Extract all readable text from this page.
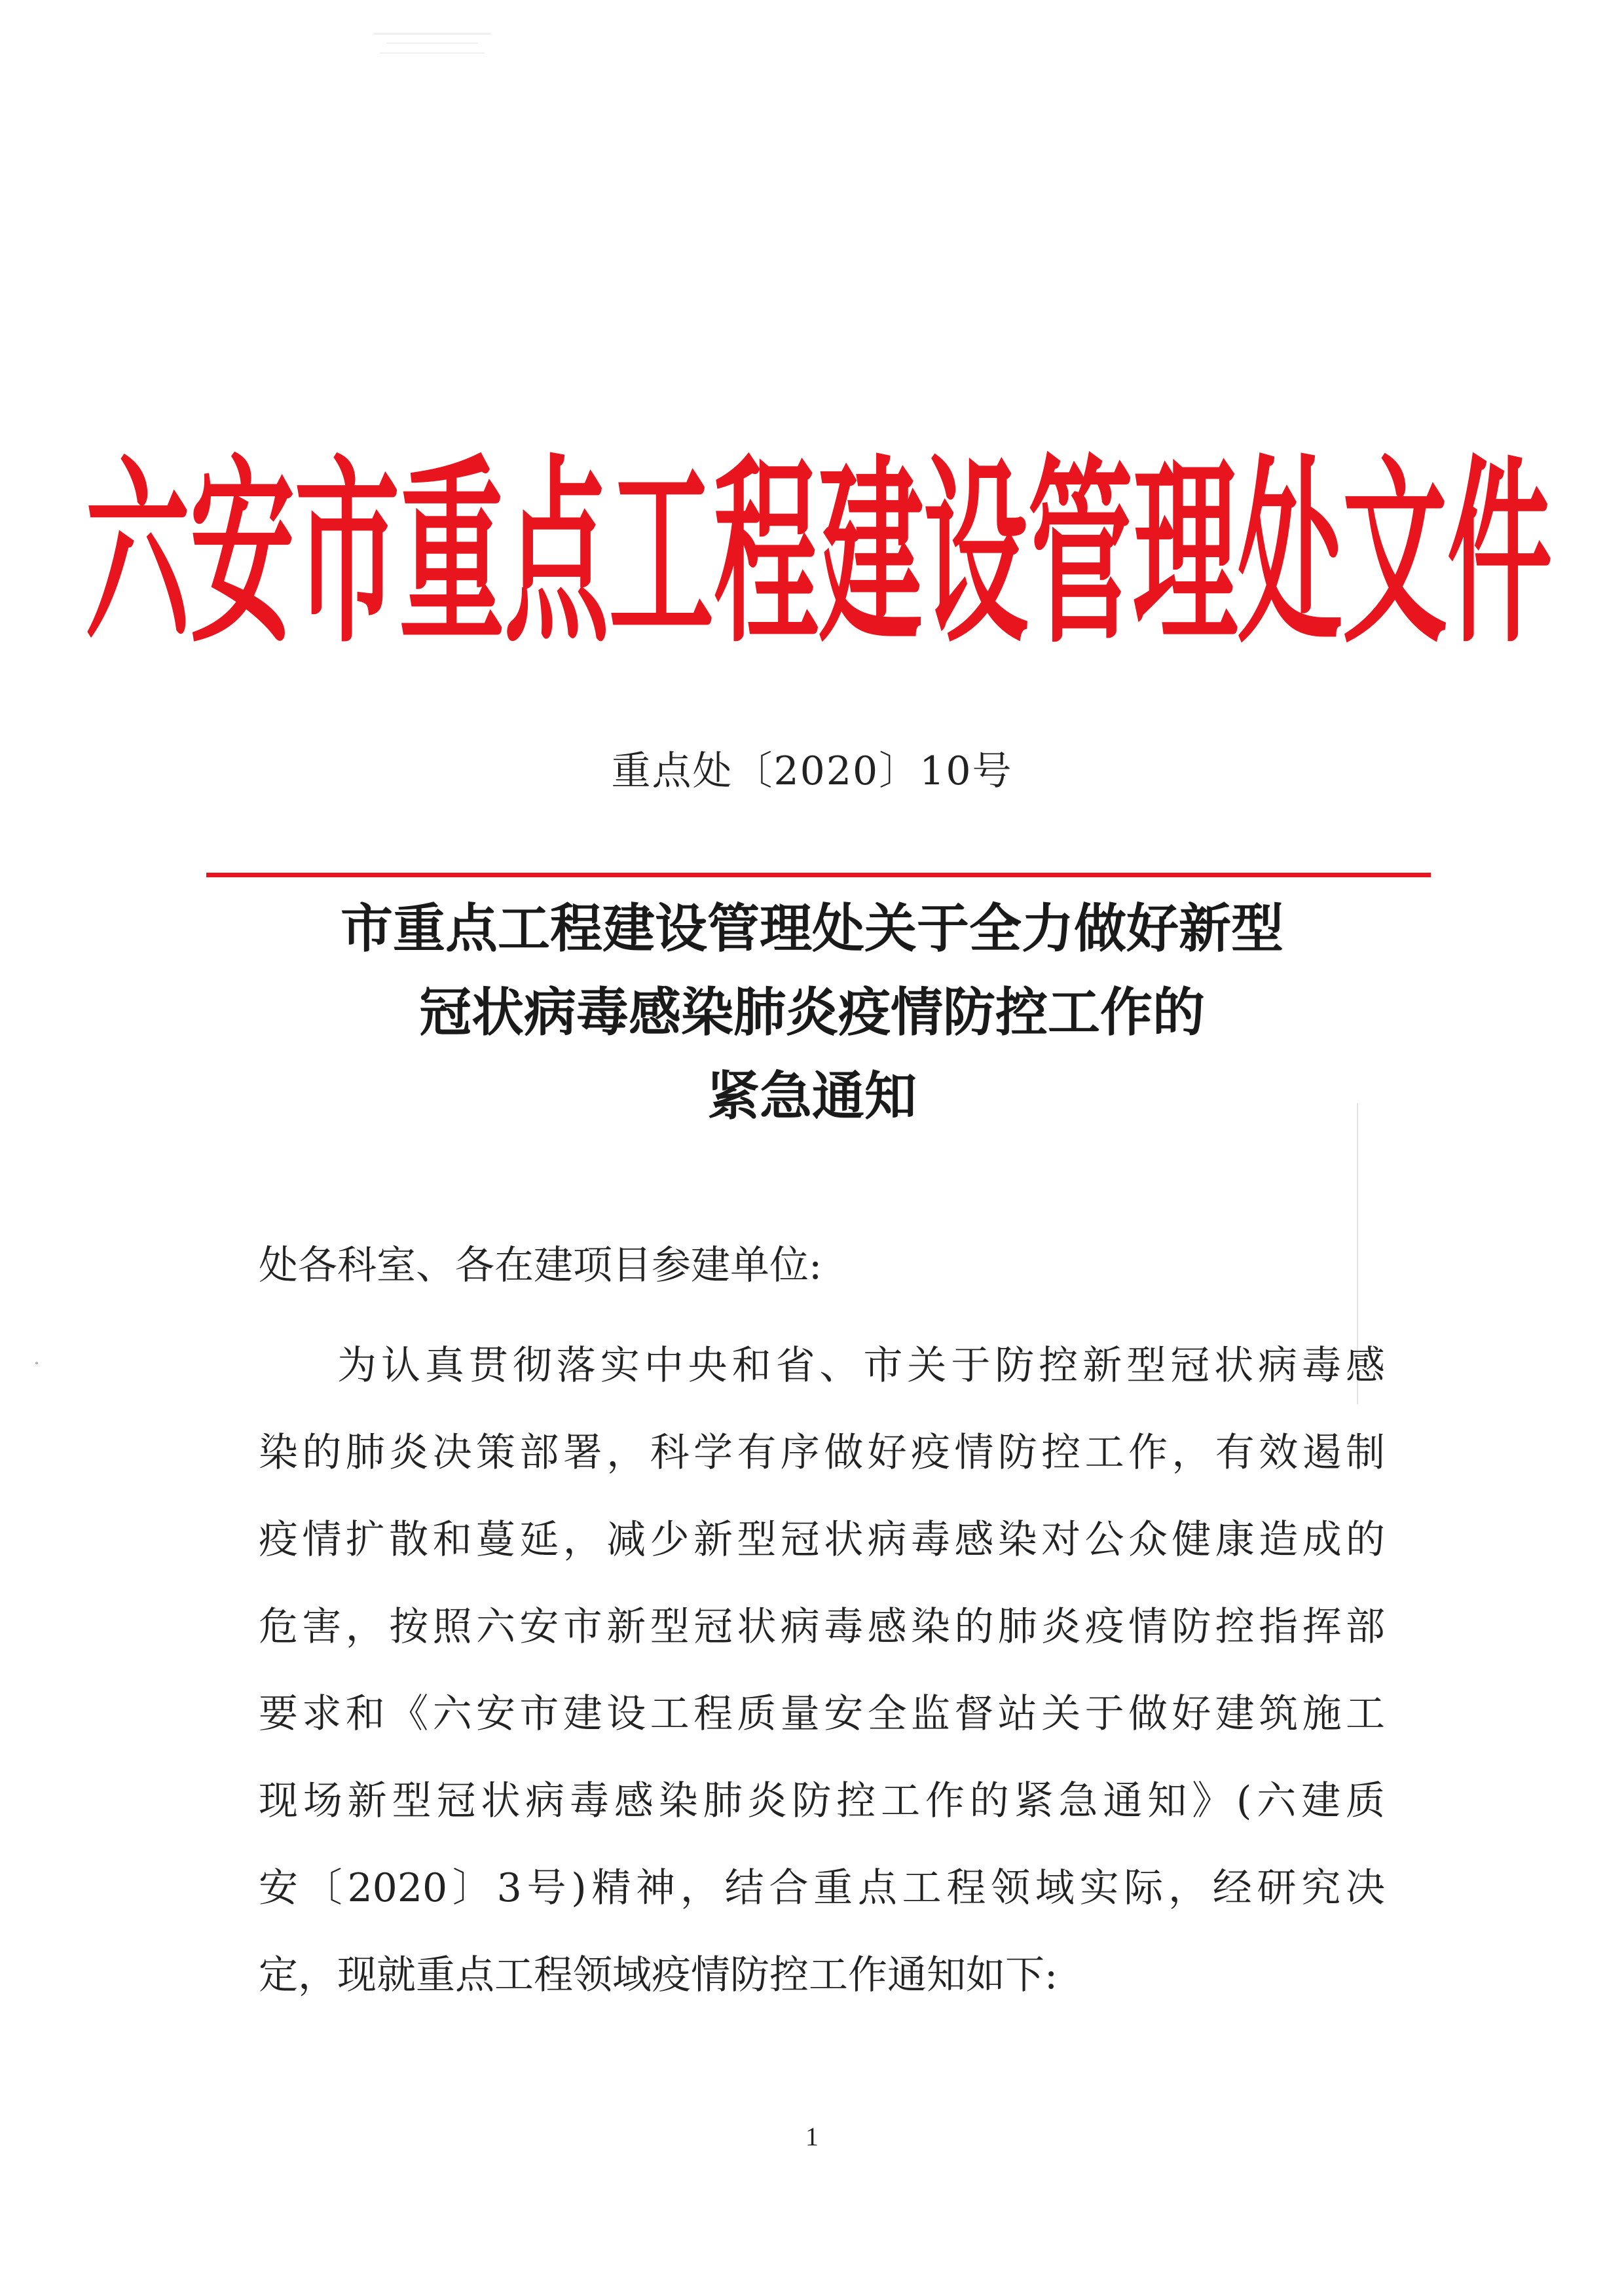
六安市重点工程建设管理处文件
重点处〔2020〕10号
市重点工程建设管理处关于全力做好新型
冠状病毒感染肺炎疫情防控工作的
紧急通知
处各科室、各在建项目参建单位:
为认真贯彻落实中央和省、市关于防控新型冠状病毒感
染的肺炎决策部署，科学有序做好疫情防控工作，有效遏制
疫情扩散和蔓延，减少新型冠状病毒感染对公众健康造成的
危害，按照六安市新型冠状病毒感染的肺炎疫情防控指挥部
要求和《六安市建设工程质量安全监督站关于做好建筑施工
现场新型冠状病毒感染肺炎防控工作的紧急通知》(六建质
安〔2020〕3号)精神，结合重点工程领域实际，经研究决
定，现就重点工程领域疫情防控工作通知如下:
1
